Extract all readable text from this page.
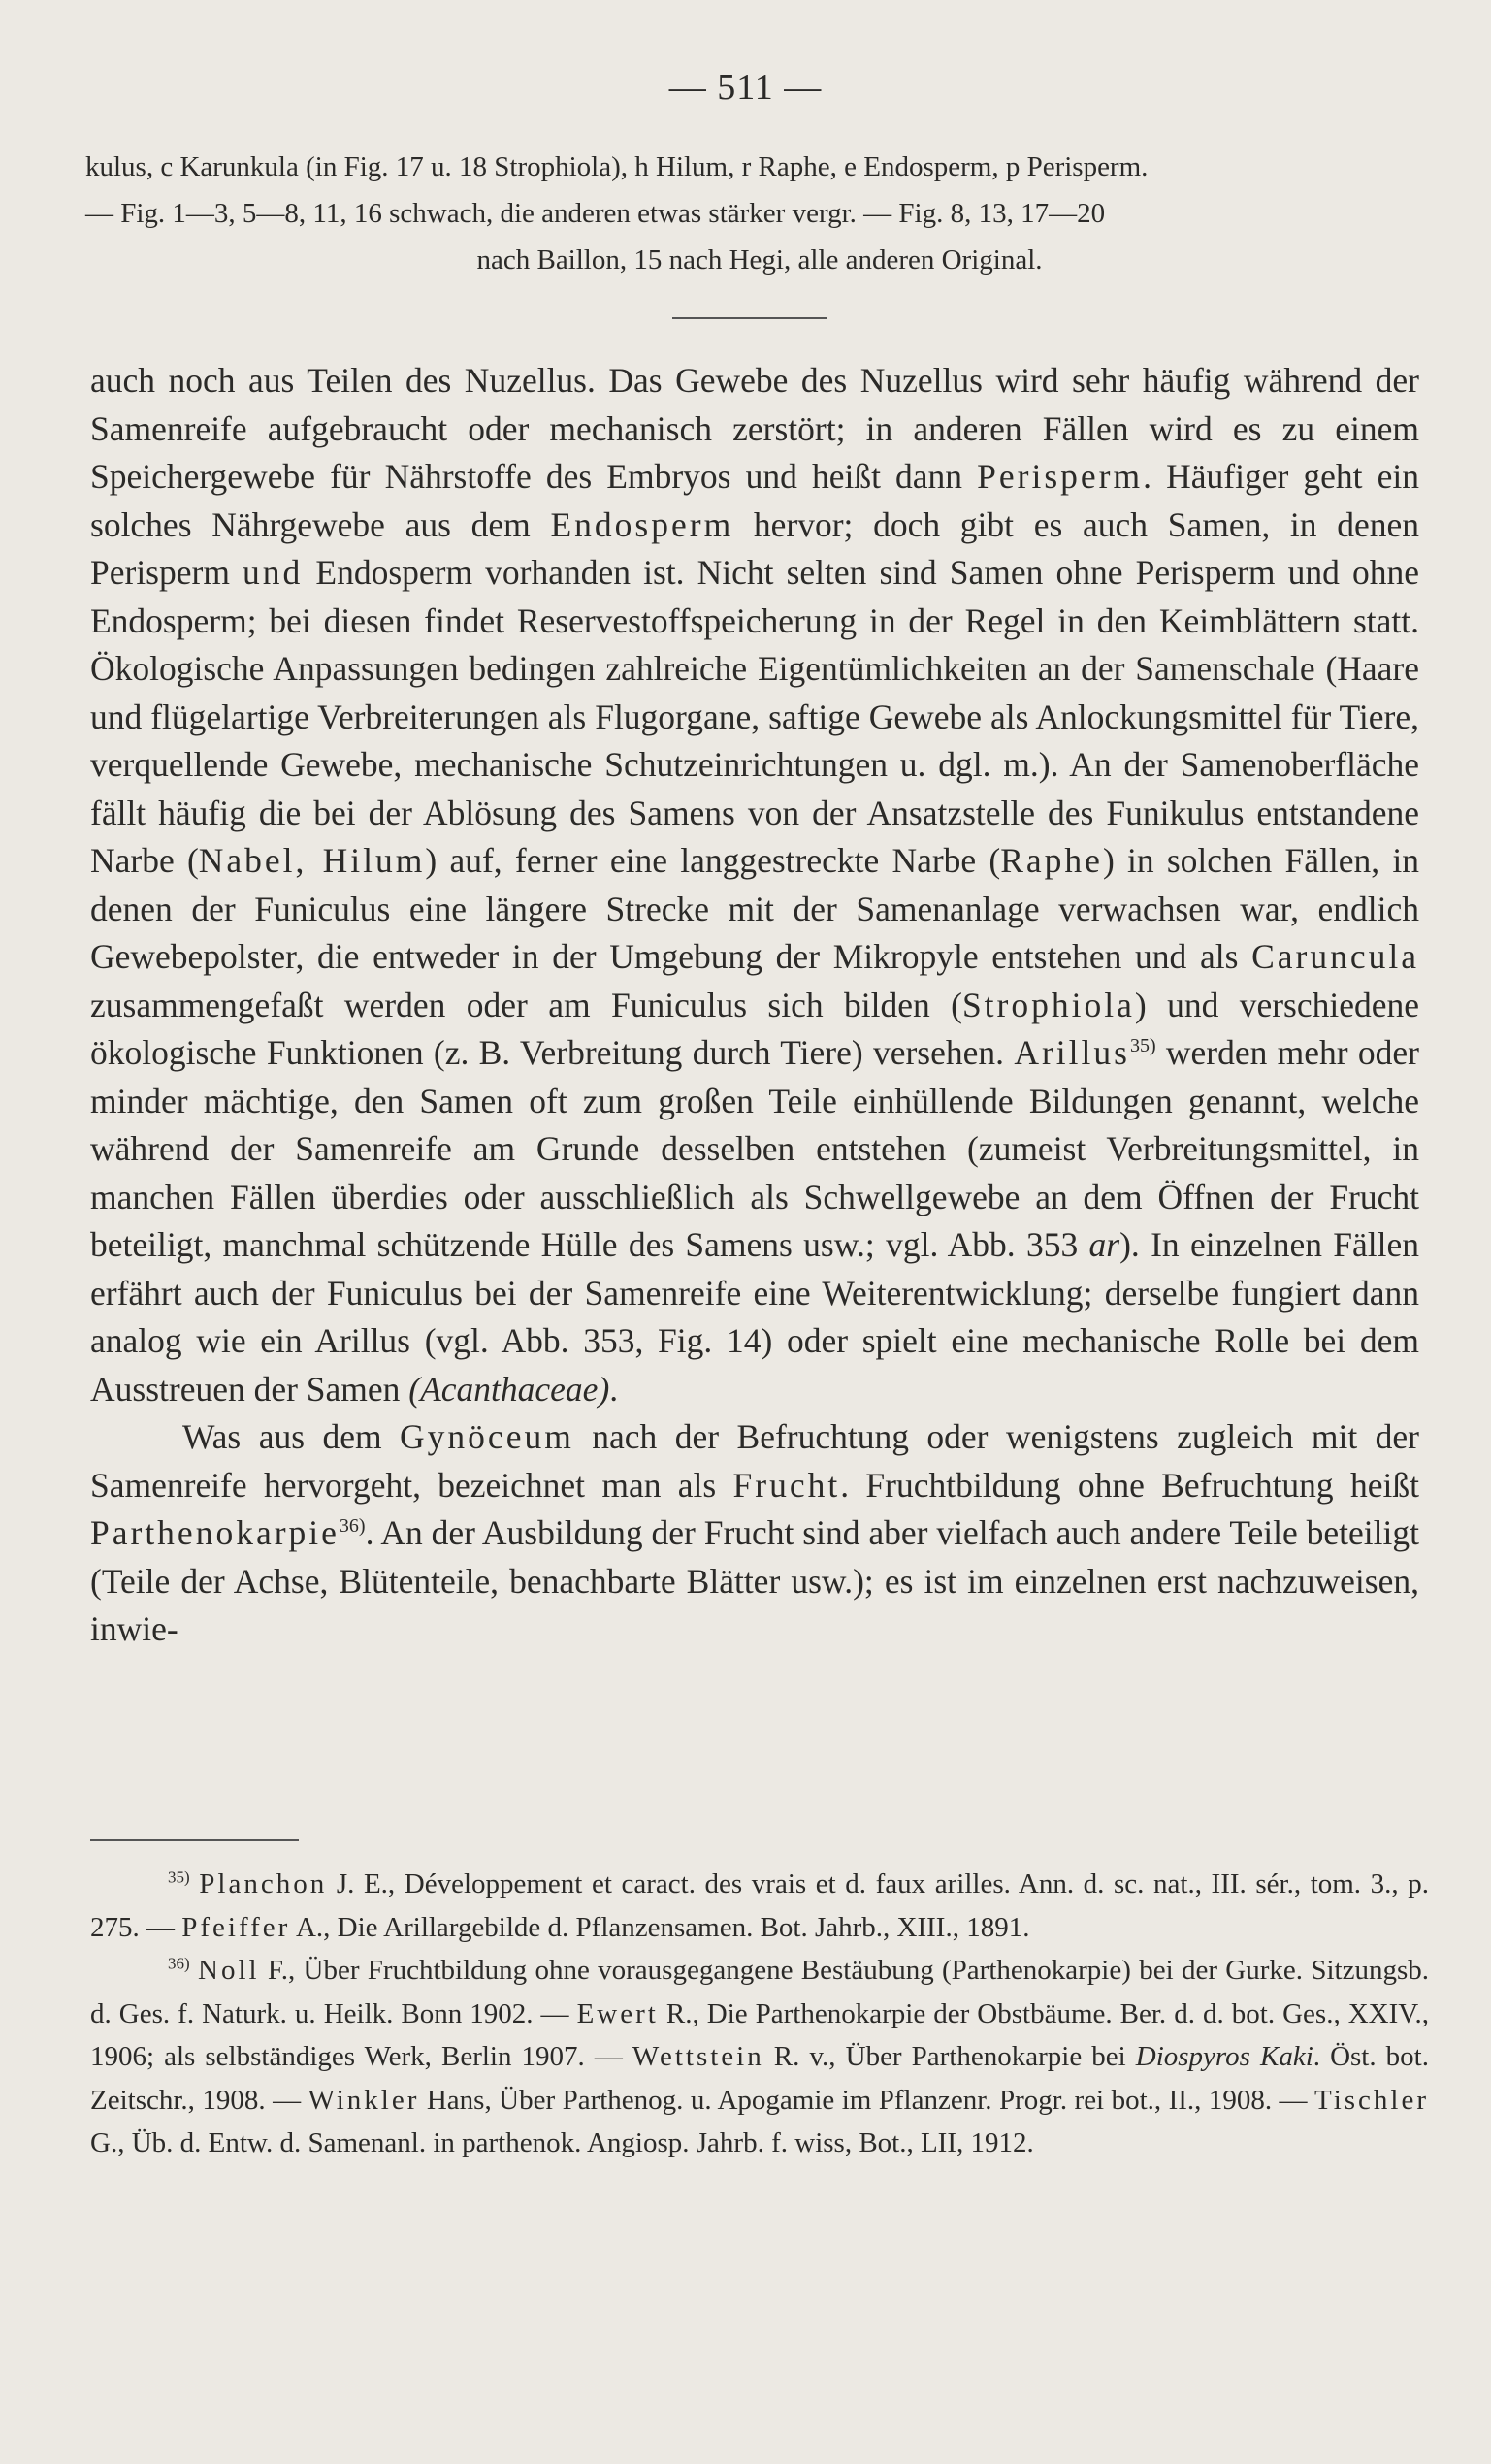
— 511 —
kulus, c Karunkula (in Fig. 17 u. 18 Strophiola), h Hilum, r Raphe, e Endosperm, p Perisperm.
— Fig. 1—3, 5—8, 11, 16 schwach, die anderen etwas stärker vergr. — Fig. 8, 13, 17—20
nach Baillon, 15 nach Hegi, alle anderen Original.

auch noch aus Teilen des Nuzellus. Das Gewebe des Nuzellus wird sehr häufig während der Samenreife aufgebraucht oder mechanisch zerstört; in anderen Fällen wird es zu einem Speichergewebe für Nährstoffe des Embryos und heißt dann Perisperm. Häufiger geht ein solches Nährgewebe aus dem Endosperm hervor; doch gibt es auch Samen, in denen Perisperm und Endosperm vorhanden ist. Nicht selten sind Samen ohne Perisperm und ohne Endosperm; bei diesen findet Reservestoffspeicherung in der Regel in den Keimblättern statt. Ökologische Anpassungen bedingen zahlreiche Eigentümlichkeiten an der Samenschale (Haare und flügelartige Verbreiterungen als Flugorgane, saftige Gewebe als Anlockungsmittel für Tiere, verquellende Gewebe, mechanische Schutzeinrichtungen u. dgl. m.). An der Samenoberfläche fällt häufig die bei der Ablösung des Samens von der Ansatzstelle des Funikulus entstandene Narbe (Nabel, Hilum) auf, ferner eine langgestreckte Narbe (Raphe) in solchen Fällen, in denen der Funiculus eine längere Strecke mit der Samenanlage verwachsen war, endlich Gewebepolster, die entweder in der Umgebung der Mikropyle entstehen und als Caruncula zusammengefaßt werden oder am Funiculus sich bilden (Strophiola) und verschiedene ökologische Funktionen (z. B. Verbreitung durch Tiere) versehen. Arillus$^{35)}$ werden mehr oder minder mächtige, den Samen oft zum großen Teile einhüllende Bildungen genannt, welche während der Samenreife am Grunde desselben entstehen (zumeist Verbreitungsmittel, in manchen Fällen überdies oder ausschließlich als Schwellgewebe an dem Öffnen der Frucht beteiligt, manchmal schützende Hülle des Samens usw.; vgl. Abb. 353 ar). In einzelnen Fällen erfährt auch der Funiculus bei der Samenreife eine Weiterentwicklung; derselbe fungiert dann analog wie ein Arillus (vgl. Abb. 353, Fig. 14) oder spielt eine mechanische Rolle bei dem Ausstreuen der Samen (Acanthaceae).

Was aus dem Gynöceum nach der Befruchtung oder wenigstens zugleich mit der Samenreife hervorgeht, bezeichnet man als Frucht. Fruchtbildung ohne Befruchtung heißt Parthenokarpie$^{36)}$. An der Ausbildung der Frucht sind aber vielfach auch andere Teile beteiligt (Teile der Achse, Blütenteile, benachbarte Blätter usw.); es ist im einzelnen erst nachzuweisen, inwie-

$^{35)}$ Planchon J. E., Développement et caract. des vrais et d. faux arilles. Ann. d. sc. nat., III. sér., tom. 3., p. 275. — Pfeiffer A., Die Arillargebilde d. Pflanzensamen. Bot. Jahrb., XIII., 1891.

$^{36)}$ Noll F., Über Fruchtbildung ohne vorausgegangene Bestäubung (Parthenokarpie) bei der Gurke. Sitzungsb. d. Ges. f. Naturk. u. Heilk. Bonn 1902. — Ewert R., Die Parthenokarpie der Obstbäume. Ber. d. d. bot. Ges., XXIV., 1906; als selbständiges Werk, Berlin 1907. — Wettstein R. v., Über Parthenokarpie bei Diospyros Kaki. Öst. bot. Zeitschr., 1908. — Winkler Hans, Über Parthenog. u. Apogamie im Pflanzenr. Progr. rei bot., II., 1908. — Tischler G., Üb. d. Entw. d. Samenanl. in parthenok. Angiosp. Jahrb. f. wiss, Bot., LII, 1912.
